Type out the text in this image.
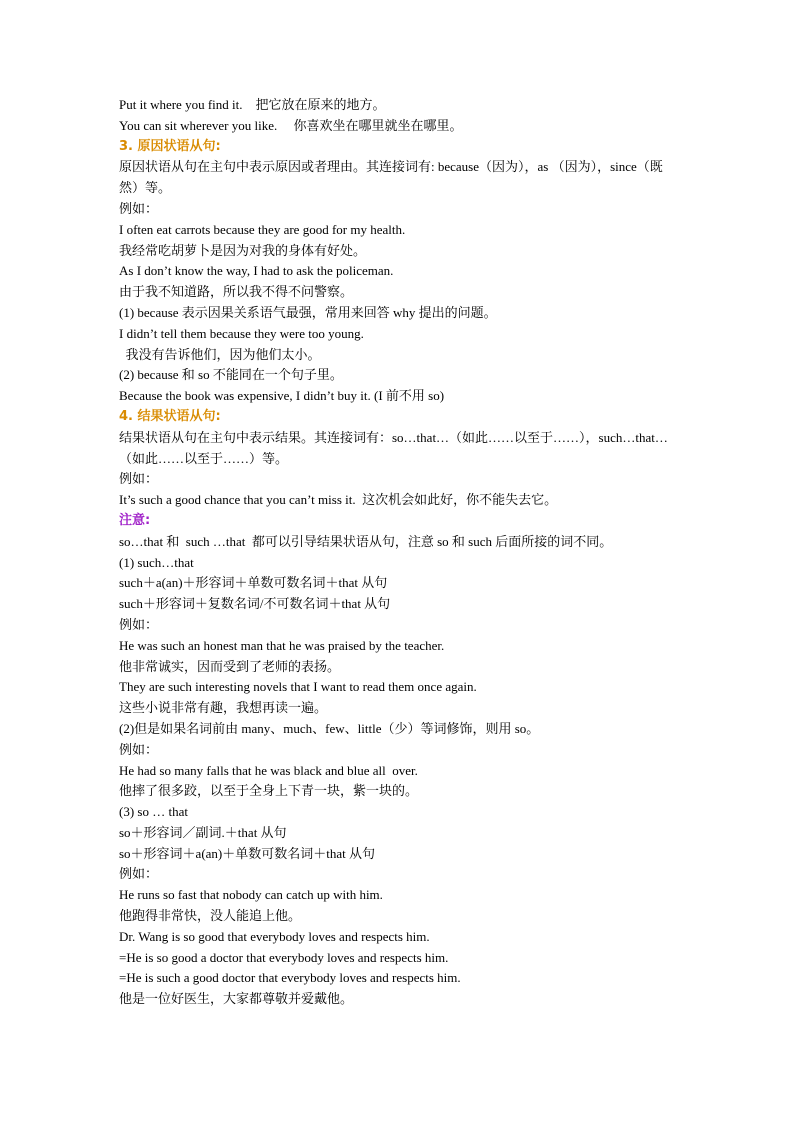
Put it where you find it.    把它放在原来的地方。

You can sit wherever you like.     你喜欢坐在哪里就坐在哪里。

3. 原因状语从句:

原因状语从句在主句中表示原因或者理由。其连接词有: because（因为），as （因为），since（既然）等。

例如：

I often eat carrots because they are good for my health.

我经常吃胡萝卜是因为对我的身体有好处。

As I don’t know the way, I had to ask the policeman.

由于我不知道路，所以我不得不问警察。

(1) because 表示因果关系语气最强，常用来回答 why 提出的问题。

I didn’t tell them because they were too young.

我没有告诉他们，因为他们太小。

(2) because 和 so 不能同在一个句子里。

Because the book was expensive, I didn’t buy it. (I 前不用 so)

4. 结果状语从句:

结果状语从句在主句中表示结果。其连接词有：so…that…（如此……以至于……），such…that…（如此……以至于……）等。

例如：

It’s such a good chance that you can’t miss it.  这次机会如此好，你不能失去它。

注意:

so…that 和  such …that  都可以引导结果状语从句，注意 so 和 such 后面所接的词不同。

(1) such…that

such＋a(an)＋形容词＋单数可数名词＋that 从句

such＋形容词＋复数名词/不可数名词＋that 从句

例如：

He was such an honest man that he was praised by the teacher.

他非常诚实，因而受到了老师的表扬。

They are such interesting novels that I want to read them once again.

这些小说非常有趣，我想再读一遍。

(2)但是如果名词前由 many、much、few、little（少）等词修饰，则用 so。

例如：

He had so many falls that he was black and blue all  over.

他摔了很多跤，以至于全身上下青一块，紫一块的。

(3) so … that

so＋形容词／副词.＋that 从句

so＋形容词＋a(an)＋单数可数名词＋that 从句

例如：

He runs so fast that nobody can catch up with him.

他跑得非常快，没人能追上他。

Dr. Wang is so good that everybody loves and respects him.

=He is so good a doctor that everybody loves and respects him.

=He is such a good doctor that everybody loves and respects him.

他是一位好医生，大家都尊敬并爱戴他。
